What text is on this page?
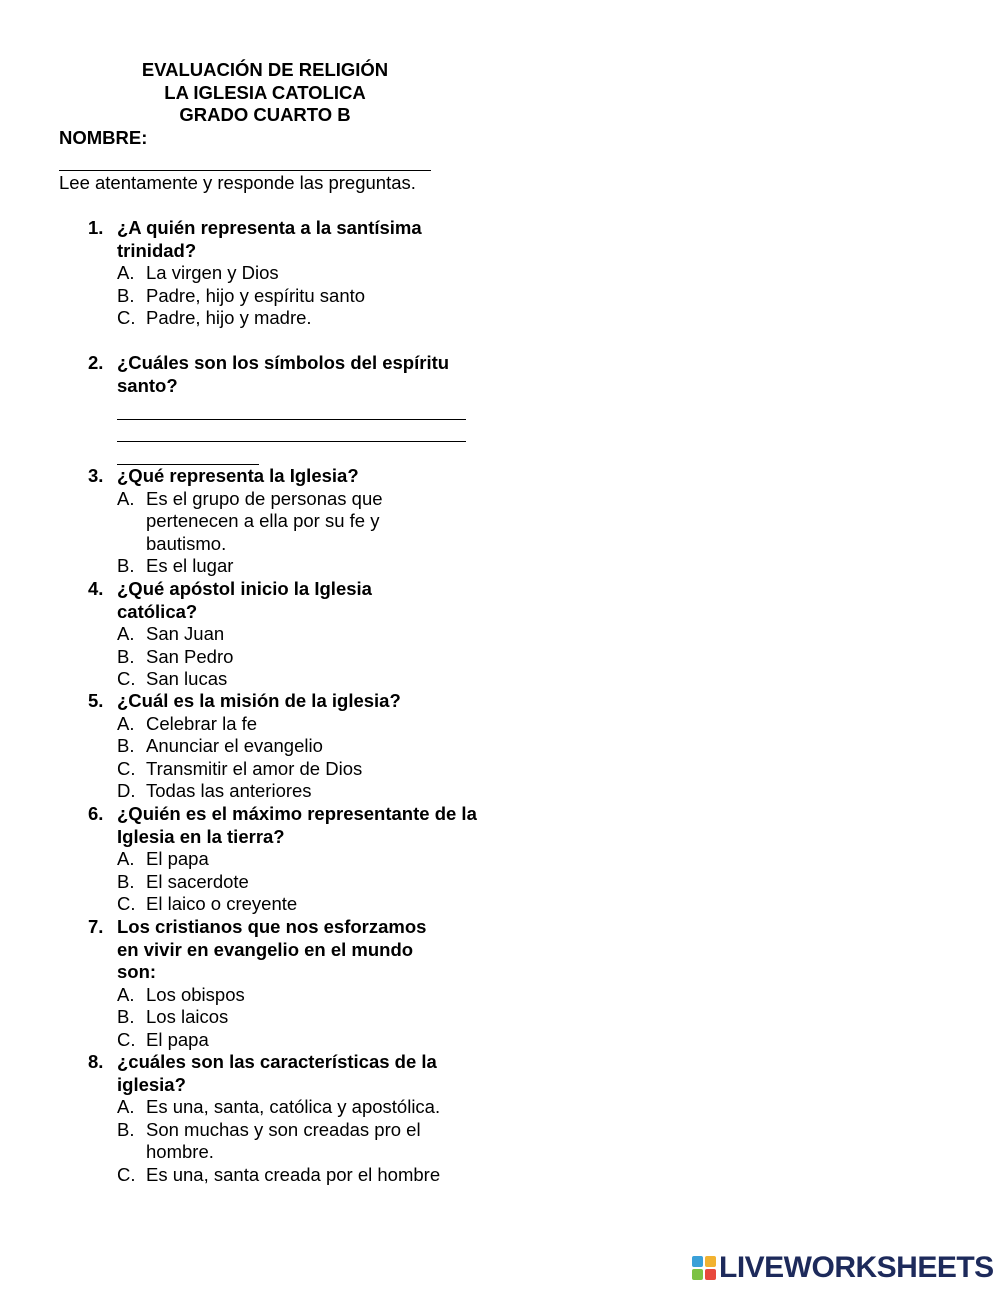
EVALUACIÓN DE RELIGIÓN
LA IGLESIA CATOLICA
GRADO CUARTO B
NOMBRE:
Lee atentamente y responde las preguntas.
1. ¿A quién representa a la santísima trinidad?
A. La virgen y Dios
B. Padre, hijo y espíritu santo
C. Padre, hijo y madre.
2. ¿Cuáles son los símbolos del espíritu santo?
3. ¿Qué representa la Iglesia?
A. Es el grupo de personas que pertenecen a ella por su fe y bautismo.
B. Es el lugar
4. ¿Qué apóstol inicio la Iglesia católica?
A. San Juan
B. San Pedro
C. San lucas
5. ¿Cuál es la misión de la iglesia?
A. Celebrar la fe
B. Anunciar el evangelio
C. Transmitir el amor de Dios
D. Todas las anteriores
6. ¿Quién es el máximo representante de la Iglesia en la tierra?
A. El papa
B. El sacerdote
C. El laico o creyente
7. Los cristianos que nos esforzamos en vivir en evangelio en el mundo son:
A. Los obispos
B. Los laicos
C. El papa
8. ¿cuáles son las características de la iglesia?
A. Es una, santa, católica y apostólica.
B. Son muchas y son creadas pro el hombre.
C. Es una, santa creada por el hombre
LIVEWORKSHEETS
